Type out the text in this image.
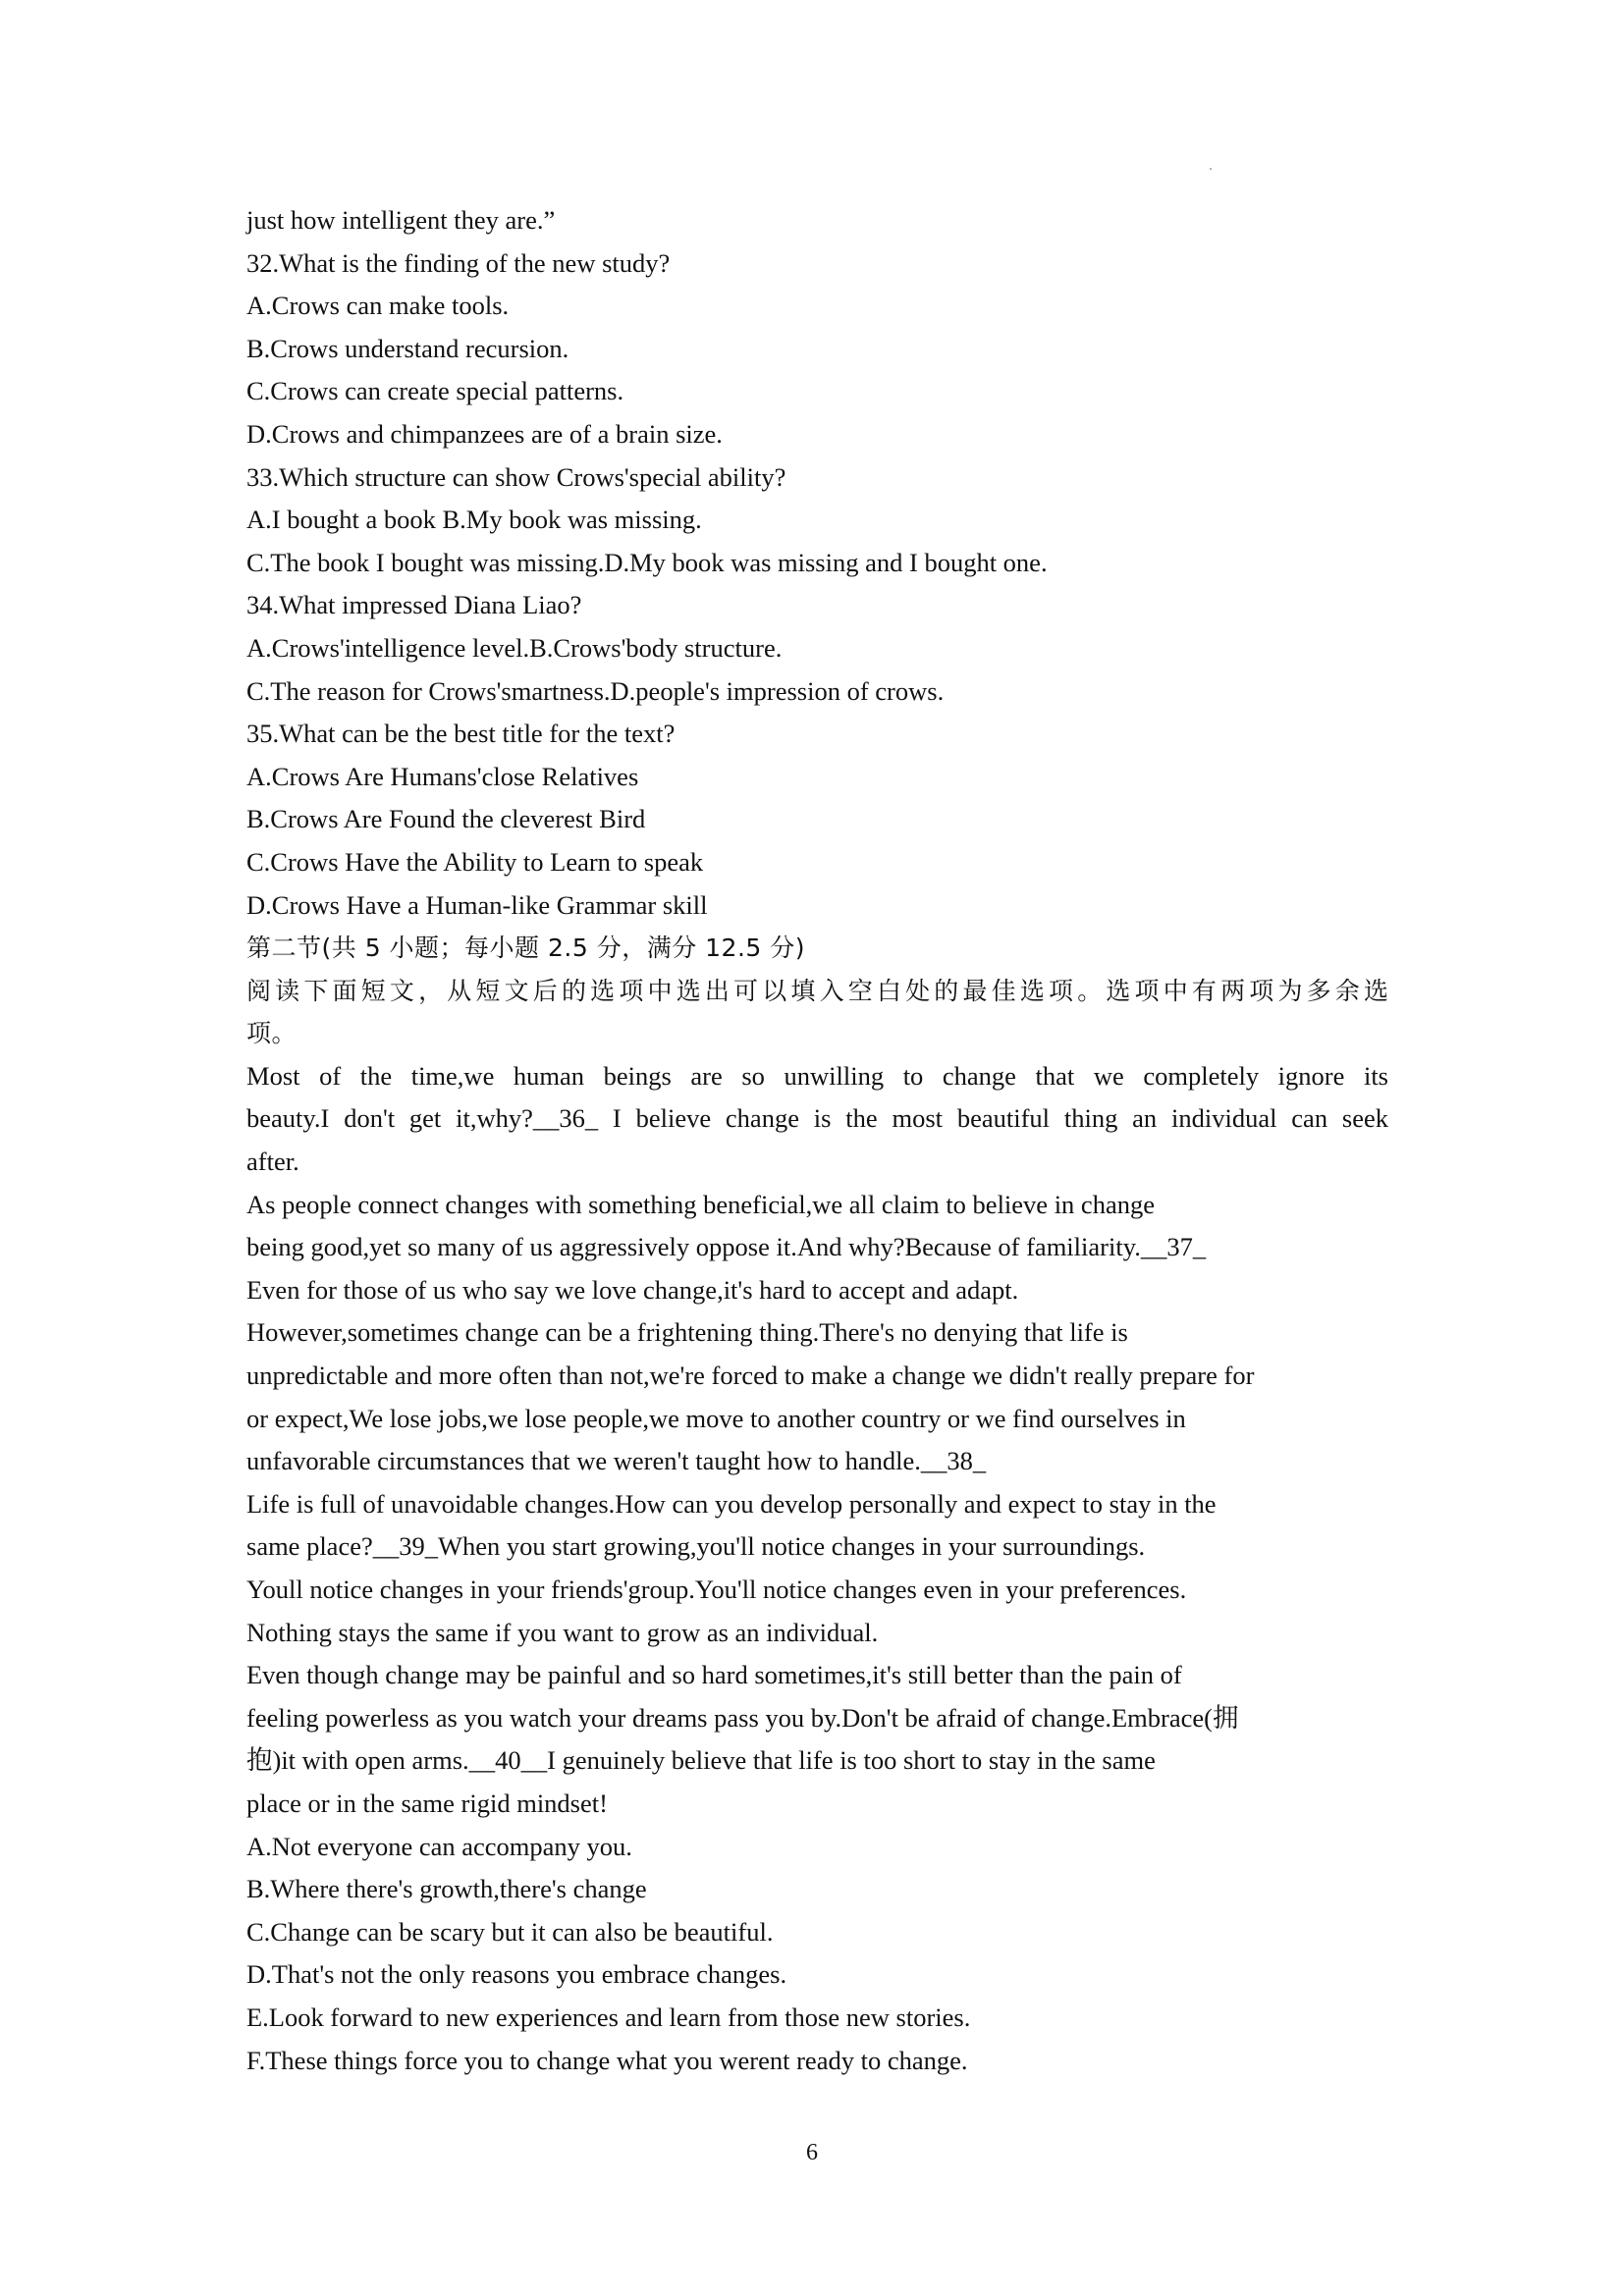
just how intelligent they are.”
32.What is the finding of the new study?
A.Crows can make tools.
B.Crows understand recursion.
C.Crows can create special patterns.
D.Crows and chimpanzees are of a brain size.
33.Which structure can show Crows'special ability?
A.I bought a book B.My book was missing.
C.The book I bought was missing.D.My book was missing and I bought one.
34.What impressed Diana Liao?
A.Crows'intelligence level.B.Crows'body structure.
C.The reason for Crows'smartness.D.people's impression of crows.
35.What can be the best title for the text?
A.Crows Are Humans'close Relatives
B.Crows Are Found the cleverest Bird
C.Crows Have the Ability to Learn to speak
D.Crows Have a Human-like Grammar skill
第二节(共 5 小题；每小题 2.5 分，满分 12.5 分)
阅读下面短文，从短文后的选项中选出可以填入空白处的最佳选项。选项中有两项为多余选
项。
Most of the time,we human beings are so unwilling to change that we completely ignore its
beauty.I don't get it,why?__36_ I believe change is the most beautiful thing an individual can seek
after.
As people connect changes with something beneficial,we all claim to believe in change
being good,yet so many of us aggressively oppose it.And why?Because of familiarity.__37_
Even for those of us who say we love change,it's hard to accept and adapt.
However,sometimes change can be a frightening thing.There's no denying that life is
unpredictable and more often than not,we're forced to make a change we didn't really prepare for
or expect,We lose jobs,we lose people,we move to another country or we find ourselves in
unfavorable circumstances that we weren't taught how to handle.__38_
Life is full of unavoidable changes.How can you develop personally and expect to stay in the
same place?__39_When you start growing,you'll notice changes in your surroundings.
Youll notice changes in your friends'group.You'll notice changes even in your preferences.
Nothing stays the same if you want to grow as an individual.
Even though change may be painful and so hard sometimes,it's still better than the pain of
feeling powerless as you watch your dreams pass you by.Don't be afraid of change.Embrace(拥
抱)it with open arms.__40__I genuinely believe that life is too short to stay in the same
place or in the same rigid mindset!
A.Not everyone can accompany you.
B.Where there's growth,there's change
C.Change can be scary but it can also be beautiful.
D.That's not the only reasons you embrace changes.
E.Look forward to new experiences and learn from those new stories.
F.These things force you to change what you werent ready to change.
6
